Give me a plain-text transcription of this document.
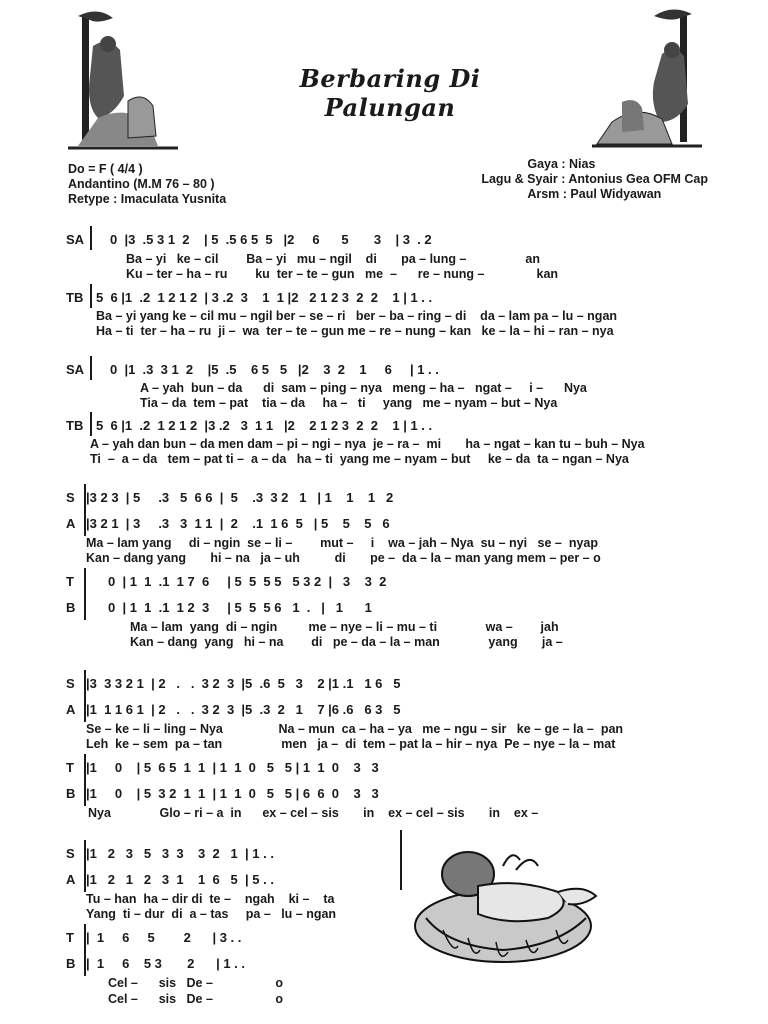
Berbaring Di Palungan
Do = F ( 4/4 )
Andantino (M.M 76 – 80 )
Retype : Imaculata Yusnita
Gaya : Nias
Lagu & Syair : Antonius Gea OFM Cap
Arsm : Paul Widyawan
SA 0  |3  .5 3 1  2    | 5  .5 6 5  5   |2     6      5       3    | 3  . 2
Ba – yi   ke – cil        Ba – yi   mu – ngil    di       pa – lung –                 an
Ku – ter – ha – ru        ku  ter – te – gun   me  –      re – nung –               kan
TB 5  6 |1  .2  1 2 1 2  | 3 .2  3    1  1 |2   2 1 2 3  2  2    1 | 1 . .
Ba – yi yang ke – cil mu – ngil ber – se – ri   ber – ba – ring – di    da – lam pa – lu – ngan
Ha – ti  ter – ha – ru  ji –  wa  ter – te – gun me – re – nung – kan   ke – la – hi – ran – nya
SA 0  |1  .3  3 1  2    |5  .5    6 5   5   |2    3  2    1     6     | 1 . .
A – yah  bun – da      di  sam – ping – nya   meng – ha –   ngat –     i –      Nya
Tia – da  tem – pat    tia – da     ha –   ti     yang   me – nyam – but – Nya
TB 5  6 |1  .2  1 2 1 2  |3 .2   3  1 1   |2    2 1 2 3  2  2    1 | 1 . .
A – yah dan bun – da men dam – pi – ngi – nya  je – ra –  mi       ha – ngat – kan tu – buh – Nya
Ti  –  a – da   tem – pat ti –  a – da   ha – ti  yang me – nyam – but     ke – da  ta – ngan – Nya
S |3 2 3  | 5     .3   5  6 6  |  5    .3  3 2   1   | 1    1    1   2
A |3 2 1  | 3     .3   3  1 1  |  2    .1  1 6  5   | 5    5    5   6
Ma – lam yang     di – ngin  se – li –        mut –     i    wa – jah – Nya  su – nyi   se –  nyap
Kan – dang yang       hi – na   ja – uh          di       pe –  da – la – man yang mem – per – o
T	0  | 1  1  .1  1 7  6     | 5  5  5 5   5 3 2  |   3    3  2
B	0  | 1  1  .1  1 2  3     | 5  5  5 6   1  .   |   1      1
Ma – lam  yang  di – ngin         me – nye – li – mu – ti              wa –        jah
Kan – dang  yang   hi – na        di   pe – da – la – man              yang       ja –
S |3  3 3 2 1  | 2   .   .  3 2  3  |5  .6  5   3    2 |1 .1   1 6   5
A |1  1 1 6 1  | 2   .   .  3 2  3  |5  .3  2   1    7 |6 .6   6 3   5
Se – ke – li – ling – Nya                Na – mun  ca – ha – ya   me – ngu – sir   ke – ge – la –  pan
Leh  ke – sem  pa – tan                 men   ja –  di  tem – pat la – hir – nya  Pe – nye – la – mat
T |1     0    | 5  6 5  1  1  | 1  1  0   5   5 | 1  1  0    3   3
B |1     0    | 5  3 2  1  1  | 1  1  0   5   5 | 6  6  0    3   3
Nya              Glo – ri – a  in      ex – cel – sis       in    ex – cel – sis       in    ex –
S |1   2   3   5   3  3    3  2   1  | 1 . .
A |1   2   1   2   3  1    1  6   5  | 5 . .
Tu – han  ha – dir di  te –    ngah    ki –    ta
Yang  ti – dur  di  a – tas     pa –   lu – ngan
T |  1     6     5        2      | 3 . .
B |  1     6    5 3       2      | 1 . .
Cel –      sis   De –                  o
Cel –      sis   De –                  o
